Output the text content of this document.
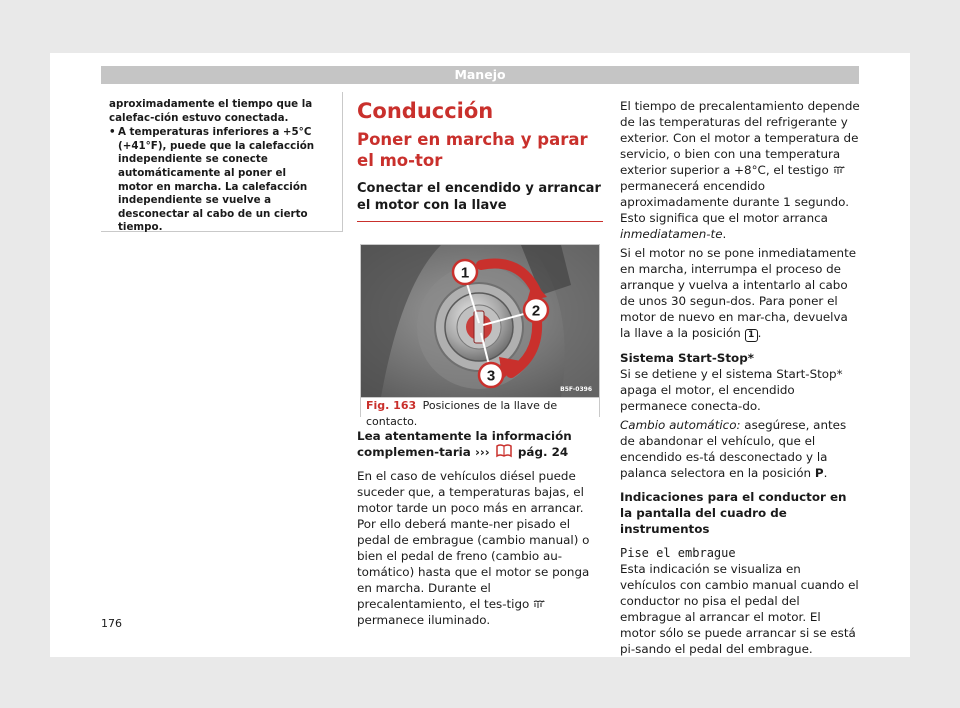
Manejo

aproximadamente el tiempo que la calefac-ción estuvo conectada.

• A temperaturas inferiores a +5°C (+41°F), puede que la calefacción independiente se conecte automáticamente al poner el motor en marcha. La calefacción independiente se vuelve a desconectar al cabo de un cierto tiempo.
Conducción
Poner en marcha y parar el mo-tor
Conectar el encendido y arrancar el motor con la llave
1
2
3
B5F-0396
Fig. 163 Posiciones de la llave de contacto.
Lea atentamente la información complemen-taria ››› pág. 24

En el caso de vehículos diésel puede suceder que, a temperaturas bajas, el motor tarde un poco más en arrancar. Por ello deberá mante-ner pisado el pedal de embrague (cambio manual) o bien el pedal de freno (cambio au-tomático) hasta que el motor se ponga en marcha. Durante el precalentamiento, el tes-tigo  permanece iluminado.

El tiempo de precalentamiento depende de las temperaturas del refrigerante y exterior. Con el motor a temperatura de servicio, o bien con una temperatura exterior superior a +8°C, el testigo  permanecerá encendido aproximadamente durante 1 segundo. Esto significa que el motor arranca inmediatamen-te.

Si el motor no se pone inmediatamente en marcha, interrumpa el proceso de arranque y vuelva a intentarlo al cabo de unos 30 segun-dos. Para poner el motor de nuevo en mar-cha, devuelva la llave a la posición 1 .

Sistema Start-Stop*

Si se detiene y el sistema Start-Stop* apaga el motor, el encendido permanece conecta-do.

Cambio automático: asegúrese, antes de abandonar el vehículo, que el encendido es-tá desconectado y la palanca selectora en la posición P.

Indicaciones para el conductor en la pantalla del cuadro de instrumentos

Pise el embrague

Esta indicación se visualiza en vehículos con cambio manual cuando el conductor no pisa el pedal del embrague al arrancar el motor. El motor sólo se puede arrancar si se está pi-sando el pedal del embrague.

176
